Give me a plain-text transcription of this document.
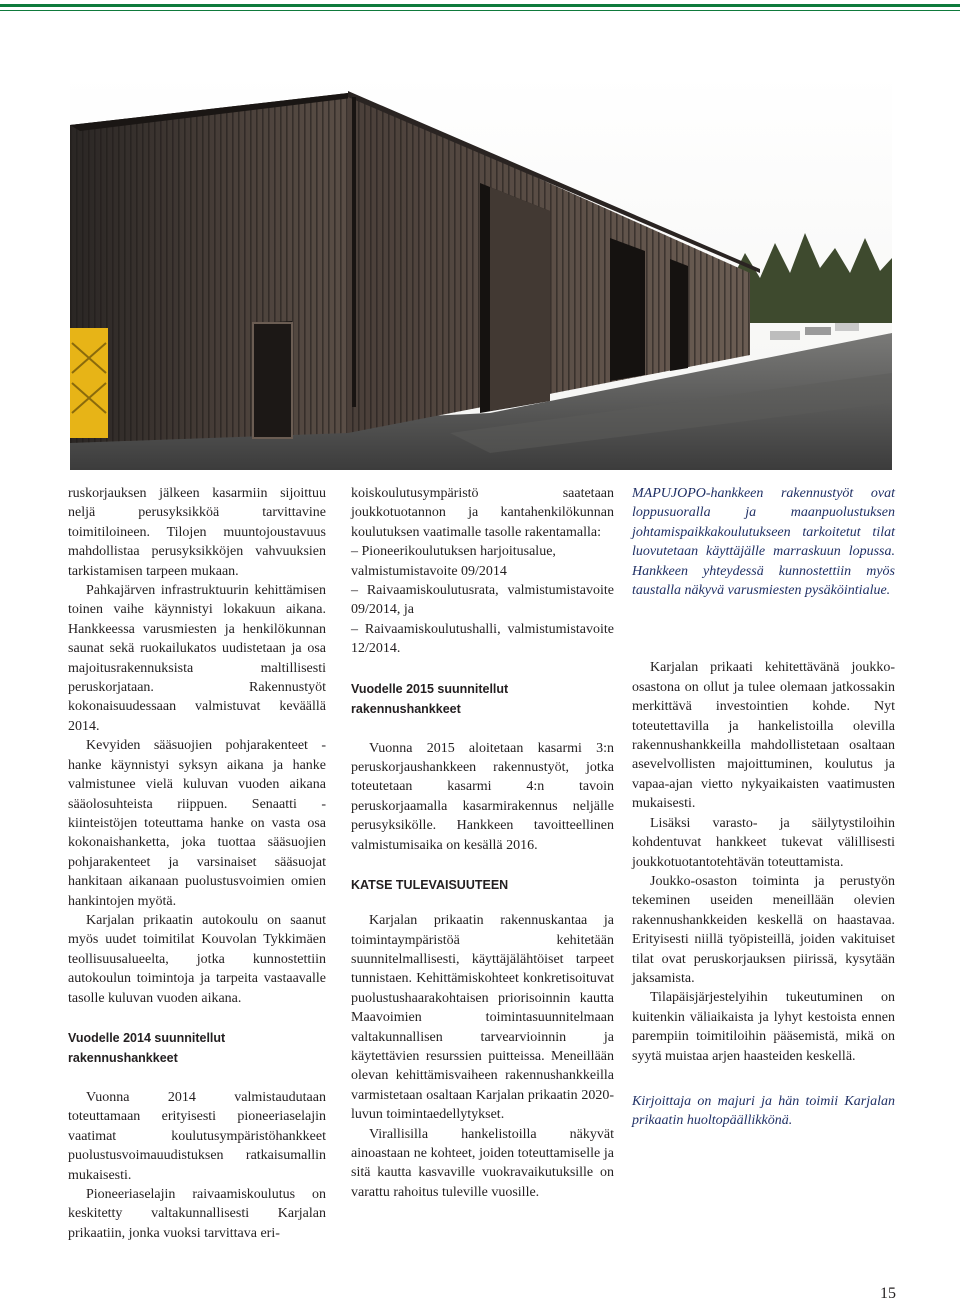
ruskorjauksen jälkeen kasarmiin sijoittuu neljä perusyksikköä tarvittavine toimitiloineen. Tilojen muuntojoustavuus mahdollistaa perusyksikköjen vahvuuksien tarkistamisen tarpeen mukaan.

Pahkajärven infrastruktuurin kehittämisen toinen vaihe käynnistyi lokakuun aikana. Hankkeessa varusmiesten ja henkilökunnan saunat sekä ruokailukatos uudistetaan ja osa majoitusrakennuksista maltillisesti peruskorjataan. Rakennustyöt kokonaisuudessaan valmistuvat keväällä 2014.

Kevyiden sääsuojien pohjarakenteet -hanke käynnistyi syksyn aikana ja hanke valmistunee vielä kuluvan vuoden aikana sääolosuhteista riippuen. Senaatti -kiinteistöjen toteuttama hanke on vasta osa kokonaishanketta, joka tuottaa sääsuojien pohjarakenteet ja varsinaiset sääsuojat hankitaan aikanaan puolustusvoimien omien hankintojen myötä.

Karjalan prikaatin autokoulu on saanut myös uudet toimitilat Kouvolan Tykkimäen teollisuusalueelta, jotka kunnostettiin autokoulun toimintoja ja tarpeita vastaavalle tasolle kuluvan vuoden aikana.

Vuodelle 2014 suunnitellut
rakennushankkeet

Vuonna 2014 valmistaudutaan toteuttamaan erityisesti pioneeriaselajin vaatimat koulutusympäristöhankkeet puolustusvoimauudistuksen ratkaisumallin mukaisesti.

Pioneeriaselajin raivaamiskoulutus on keskitetty valtakunnallisesti Karjalan prikaatiin, jonka vuoksi tarvittava eri-

koiskoulutusympäristö saatetaan joukkotuotannon ja kantahenkilökunnan koulutuksen vaatimalle tasolle rakentamalla:

– Pioneerikoulutuksen harjoitusalue,

valmistumistavoite 09/2014

– Raivaamiskoulutusrata, valmistumistavoite 09/2014, ja

– Raivaamiskoulutushalli, valmistumistavoite 12/2014.

Vuodelle 2015 suunnitellut
rakennushankkeet

Vuonna 2015 aloitetaan kasarmi 3:n peruskorjaushankkeen rakennustyöt, jotka toteutetaan kasarmi 4:n tavoin peruskorjaamalla kasarmirakennus neljälle perusyksikölle. Hankkeen tavoitteellinen valmistumisaika on kesällä 2016.

KATSE TULEVAISUUTEEN

Karjalan prikaatin rakennuskantaa ja toimintaympäristöä kehitetään suunnitelmallisesti, käyttäjälähtöiset tarpeet tunnistaen. Kehittämiskohteet konkretisoituvat puolustushaarakohtaisen priorisoinnin kautta Maavoimien toimintasuunnitelmaan valtakunnallisen tarvearvioinnin ja käytettävien resurssien puitteissa. Meneillään olevan kehittämisvaiheen rakennushankkeilla varmistetaan osaltaan Karjalan prikaatin 2020-luvun toimintaedellytykset.

Virallisilla hankelistoilla näkyvät ainoastaan ne kohteet, joiden toteuttamiselle ja sitä kautta kasvaville vuokravaikutuksille on varattu rahoitus tuleville vuosille.

MAPUJOPO-hankkeen rakennustyöt ovat loppusuoralla ja maanpuolustuksen johtamispaikkakoulutukseen tarkoitetut tilat luovutetaan käyttäjälle marraskuun lopussa. Hankkeen yhteydessä kunnostettiin myös taustalla näkyvä varusmiesten pysäköintialue.

Karjalan prikaati kehitettävänä joukko-osastona on ollut ja tulee olemaan jatkossakin merkittävä investointien kohde. Nyt toteutettavilla ja hankelistoilla olevilla rakennushankkeilla mahdollistetaan osaltaan asevelvollisten majoittuminen, koulutus ja vapaa-ajan vietto nykyaikaisten vaatimusten mukaisesti.

Lisäksi varasto- ja säilytystiloihin kohdentuvat hankkeet tukevat välillisesti joukkotuotantotehtävän toteuttamista.

Joukko-osaston toiminta ja perustyön tekeminen useiden meneillään olevien rakennushankkeiden keskellä on haastavaa. Erityisesti niillä työpisteillä, joiden vakituiset tilat ovat peruskorjauksen piirissä, kysytään jaksamista.

Tilapäisjärjestelyihin tukeutuminen on kuitenkin väliaikaista ja lyhyt kestoista ennen parempiin toimitiloihin pääsemistä, mikä on syytä muistaa arjen haasteiden keskellä.

Kirjoittaja on majuri ja hän toimii Karjalan prikaatin huoltopäällikkönä.

15
